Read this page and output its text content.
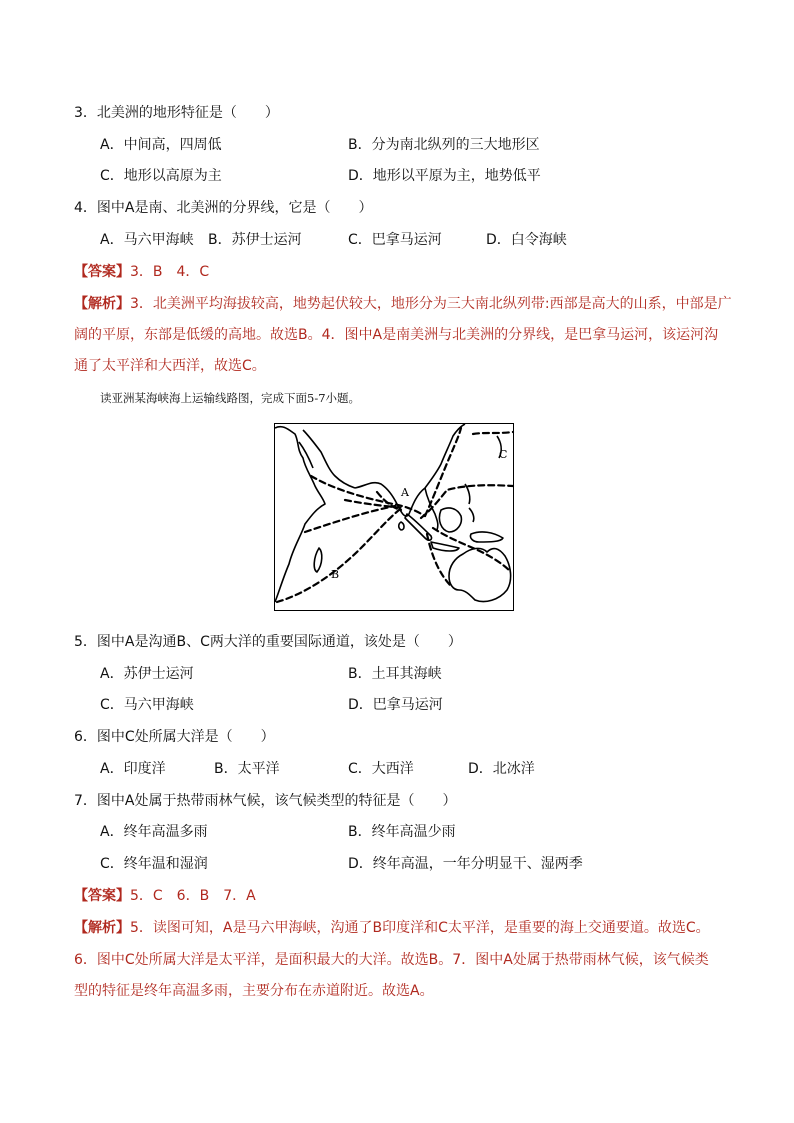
3．北美洲的地形特征是（　　）
A．中间高，四周低	B．分为南北纵列的三大地形区
C．地形以高原为主	D．地形以平原为主，地势低平
4．图中A是南、北美洲的分界线，它是（　　）
A．马六甲海峡 B．苏伊士运河	C．巴拿马运河	D．白令海峡
【答案】3．B　4．C
【解析】3．北美洲平均海拔较高，地势起伏较大，地形分为三大南北纵列带:西部是高大的山系，中部是广
阔的平原，东部是低缓的高地。故选B。4．图中A是南美洲与北美洲的分界线，是巴拿马运河，该运河沟
通了太平洋和大西洋，故选C。
读亚洲某海峡海上运输线路图，完成下面5-7小题。
A
B
C
5．图中A是沟通B、C两大洋的重要国际通道，该处是（　　）
A．苏伊士运河	B．土耳其海峡
C．马六甲海峡	D．巴拿马运河
6．图中C处所属大洋是（　　）
A．印度洋	B．太平洋	C．大西洋	D．北冰洋
7．图中A处属于热带雨林气候，该气候类型的特征是（　　）
A．终年高温多雨	B．终年高温少雨
C．终年温和湿润	D．终年高温，一年分明显干、湿两季
【答案】5．C　6．B　7．A
【解析】5．读图可知，A是马六甲海峡，沟通了B印度洋和C太平洋，是重要的海上交通要道。故选C。
6．图中C处所属大洋是太平洋，是面积最大的大洋。故选B。7．图中A处属于热带雨林气候，该气候类
型的特征是终年高温多雨，主要分布在赤道附近。故选A。
